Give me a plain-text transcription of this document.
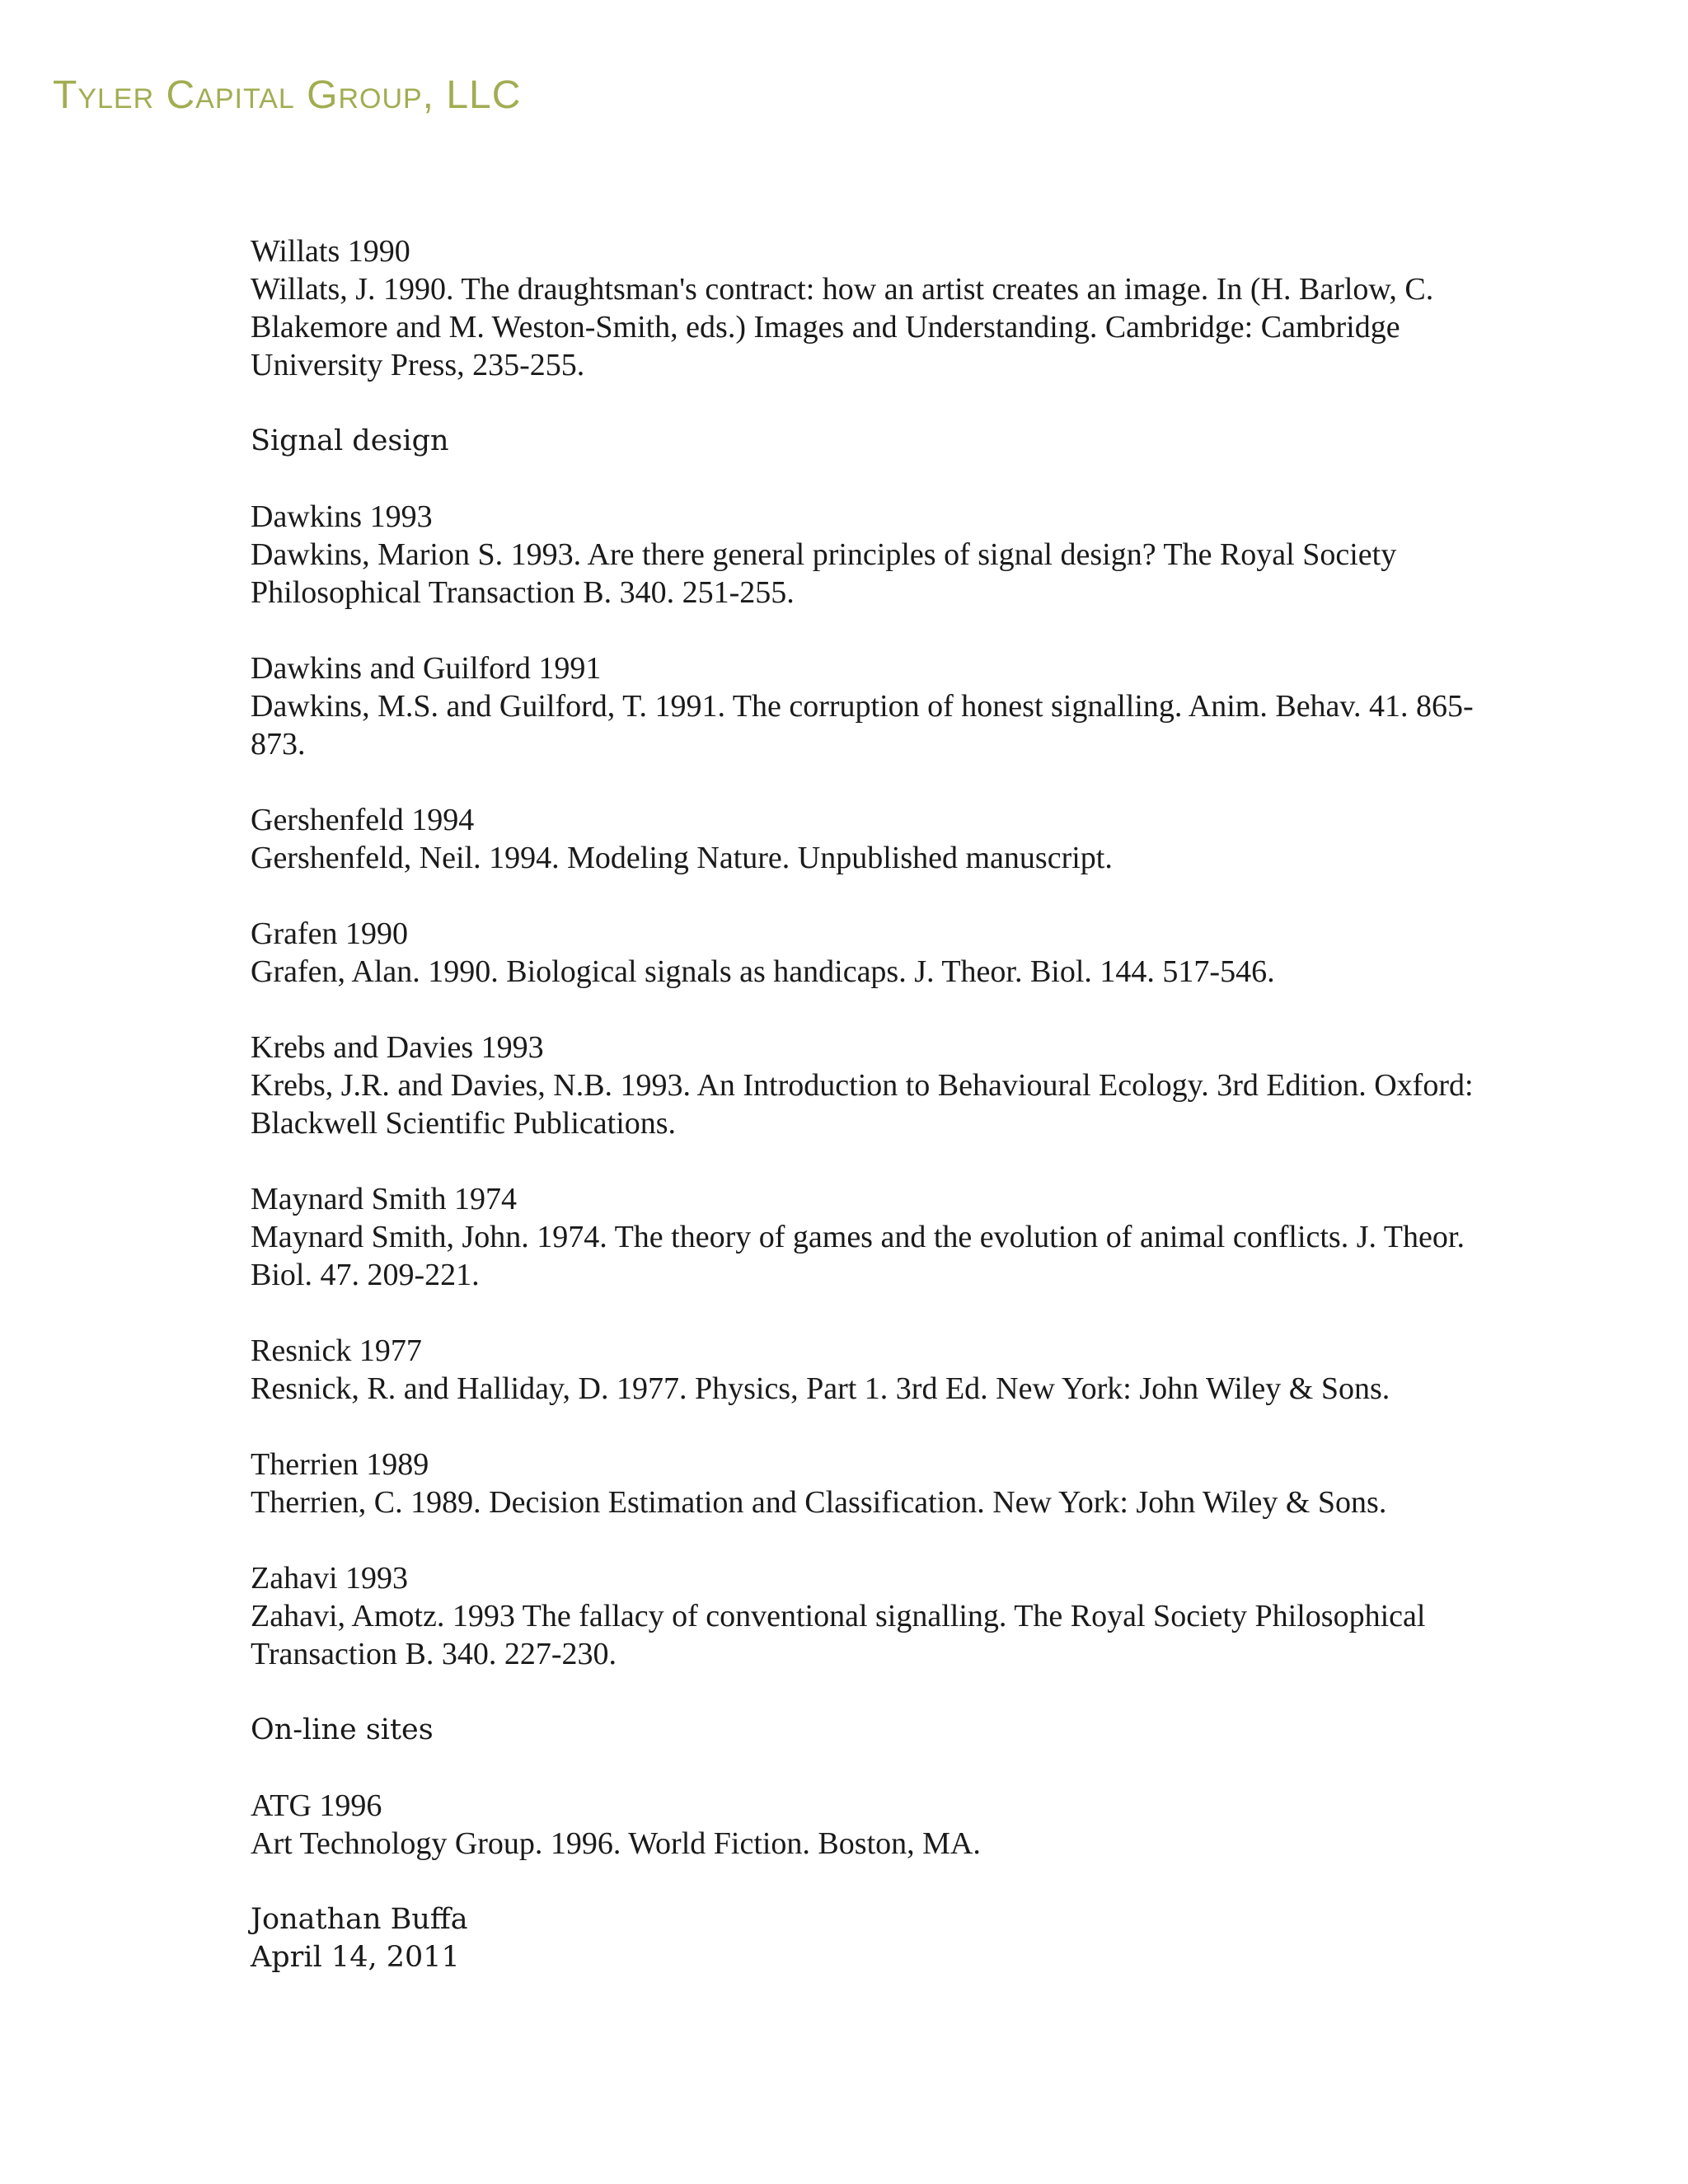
Tyler Capital Group, LLC
Willats 1990
Willats, J. 1990. The draughtsman's contract: how an artist creates an image. In (H. Barlow, C. Blakemore and M. Weston-Smith, eds.) Images and Understanding. Cambridge: Cambridge University Press, 235-255.
Signal design
Dawkins 1993
Dawkins, Marion S. 1993. Are there general principles of signal design? The Royal Society Philosophical Transaction B. 340. 251-255.
Dawkins and Guilford 1991
Dawkins, M.S. and Guilford, T. 1991. The corruption of honest signalling. Anim. Behav. 41. 865-873.
Gershenfeld 1994
Gershenfeld, Neil. 1994. Modeling Nature. Unpublished manuscript.
Grafen 1990
Grafen, Alan. 1990. Biological signals as handicaps. J. Theor. Biol. 144. 517-546.
Krebs and Davies 1993
Krebs, J.R. and Davies, N.B. 1993. An Introduction to Behavioural Ecology. 3rd Edition. Oxford: Blackwell Scientific Publications.
Maynard Smith 1974
Maynard Smith, John. 1974. The theory of games and the evolution of animal conflicts. J. Theor. Biol. 47. 209-221.
Resnick 1977
Resnick, R. and Halliday, D. 1977. Physics, Part 1. 3rd Ed. New York: John Wiley & Sons.
Therrien 1989
Therrien, C. 1989. Decision Estimation and Classification. New York: John Wiley & Sons.
Zahavi 1993
Zahavi, Amotz. 1993 The fallacy of conventional signalling. The Royal Society Philosophical Transaction B. 340. 227-230.
On-line sites
ATG 1996
Art Technology Group. 1996. World Fiction. Boston, MA.
Jonathan Buffa
April 14, 2011
